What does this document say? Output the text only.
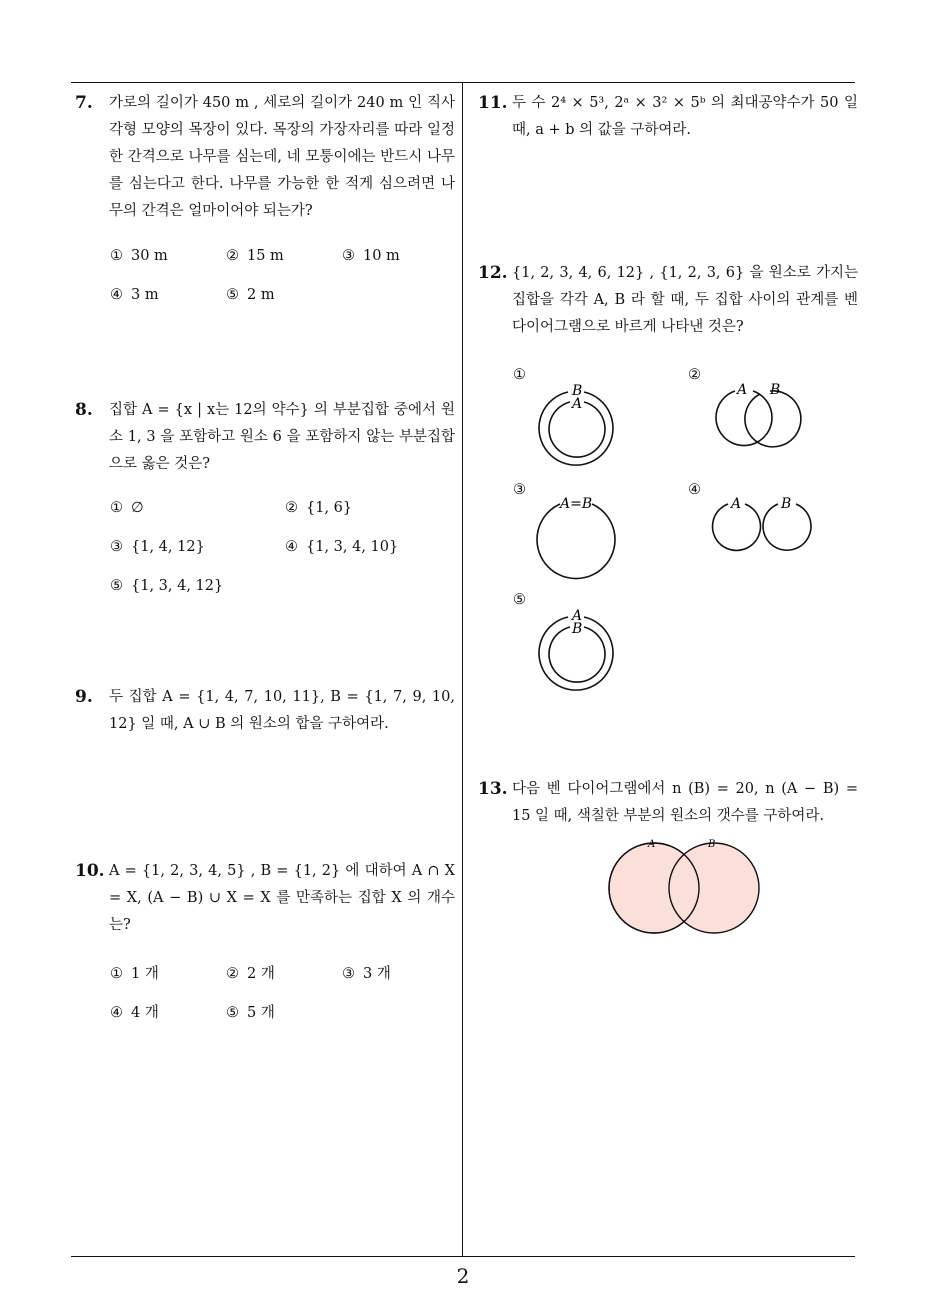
2
7. 가로의 길이가 450 m , 세로의 길이가 240 m 인 직사각형 모양의 목장이 있다. 목장의 가장자리를 따라 일정한 간격으로 나무를 심는데, 네 모퉁이에는 반드시 나무를 심는다고 한다. 나무를 가능한 한 적게 심으려면 나무의 간격은 얼마이어야 되는가?
① 30 m	② 15 m	③ 10 m
④ 3 m	⑤ 2 m
8. 집합 A = {x | x는 12의 약수} 의 부분집합 중에서 원소 1, 3 을 포함하고 원소 6 을 포함하지 않는 부분집합으로 옳은 것은?
① ∅	② {1, 6}
③ {1, 4, 12}	④ {1, 3, 4, 10}
⑤ {1, 3, 4, 12}
9. 두 집합 A = {1, 4, 7, 10, 11}, B = {1, 7, 9, 10, 12} 일 때, A ∪ B 의 원소의 합을 구하여라.
10. A = {1, 2, 3, 4, 5} , B = {1, 2} 에 대하여 A ∩ X = X, (A − B) ∪ X = X 를 만족하는 집합 X 의 개수는?
① 1 개	② 2 개	③ 3 개
④ 4 개	⑤ 5 개
11. 두 수 2⁴ × 5³, 2ᵃ × 3² × 5ᵇ 의 최대공약수가 50 일 때, a + b 의 값을 구하여라.
12. {1, 2, 3, 4, 6, 12} , {1, 2, 3, 6} 을 원소로 가지는 집합을 각각 A, B 라 할 때, 두 집합 사이의 관계를 벤 다이어그램으로 바르게 나타낸 것은?
①
B
A
②
A B
③
A=B
④
A	B
⑤
A
B
13. 다음 벤 다이어그램에서 n (B) = 20, n (A − B) = 15 일 때, 색칠한 부분의 원소의 갯수를 구하여라.
A	B
